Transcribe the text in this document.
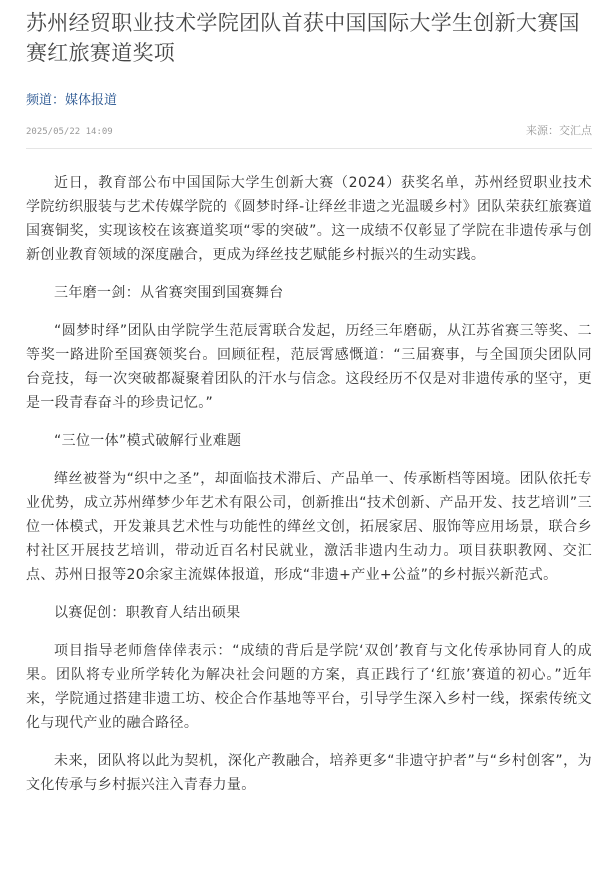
苏州经贸职业技术学院团队首获中国国际大学生创新大赛国赛红旅赛道奖项
频道：媒体报道
2025/05/22 14:09	来源：交汇点

近日，教育部公布中国国际大学生创新大赛（2024）获奖名单，苏州经贸职业技术学院纺织服装与艺术传媒学院的《圆梦时绎-让绎丝非遗之光温暖乡村》团队荣获红旅赛道国赛铜奖，实现该校在该赛道奖项“零的突破”。这一成绩不仅彰显了学院在非遗传承与创新创业教育领域的深度融合，更成为绎丝技艺赋能乡村振兴的生动实践。

三年磨一剑：从省赛突围到国赛舞台

“圆梦时绎”团队由学院学生范辰霄联合发起，历经三年磨砺，从江苏省赛三等奖、二等奖一路进阶至国赛领奖台。回顾征程，范辰霄感慨道：“三届赛事，与全国顶尖团队同台竞技，每一次突破都凝聚着团队的汗水与信念。这段经历不仅是对非遗传承的坚守，更是一段青春奋斗的珍贵记忆。”

“三位一体”模式破解行业难题

缂丝被誉为“织中之圣”，却面临技术滞后、产品单一、传承断档等困境。团队依托专业优势，成立苏州缂梦少年艺术有限公司，创新推出“技术创新、产品开发、技艺培训”三位一体模式，开发兼具艺术性与功能性的缂丝文创，拓展家居、服饰等应用场景，联合乡村社区开展技艺培训，带动近百名村民就业，激活非遗内生动力。项目获职教网、交汇点、苏州日报等20余家主流媒体报道，形成“非遗+产业+公益”的乡村振兴新范式。

以赛促创：职教育人结出硕果

项目指导老师詹倖倖表示：“成绩的背后是学院‘双创’教育与文化传承协同育人的成果。团队将专业所学转化为解决社会问题的方案，真正践行了‘红旅’赛道的初心。”近年来，学院通过搭建非遗工坊、校企合作基地等平台，引导学生深入乡村一线，探索传统文化与现代产业的融合路径。

未来，团队将以此为契机，深化产教融合，培养更多“非遗守护者”与“乡村创客”，为文化传承与乡村振兴注入青春力量。
